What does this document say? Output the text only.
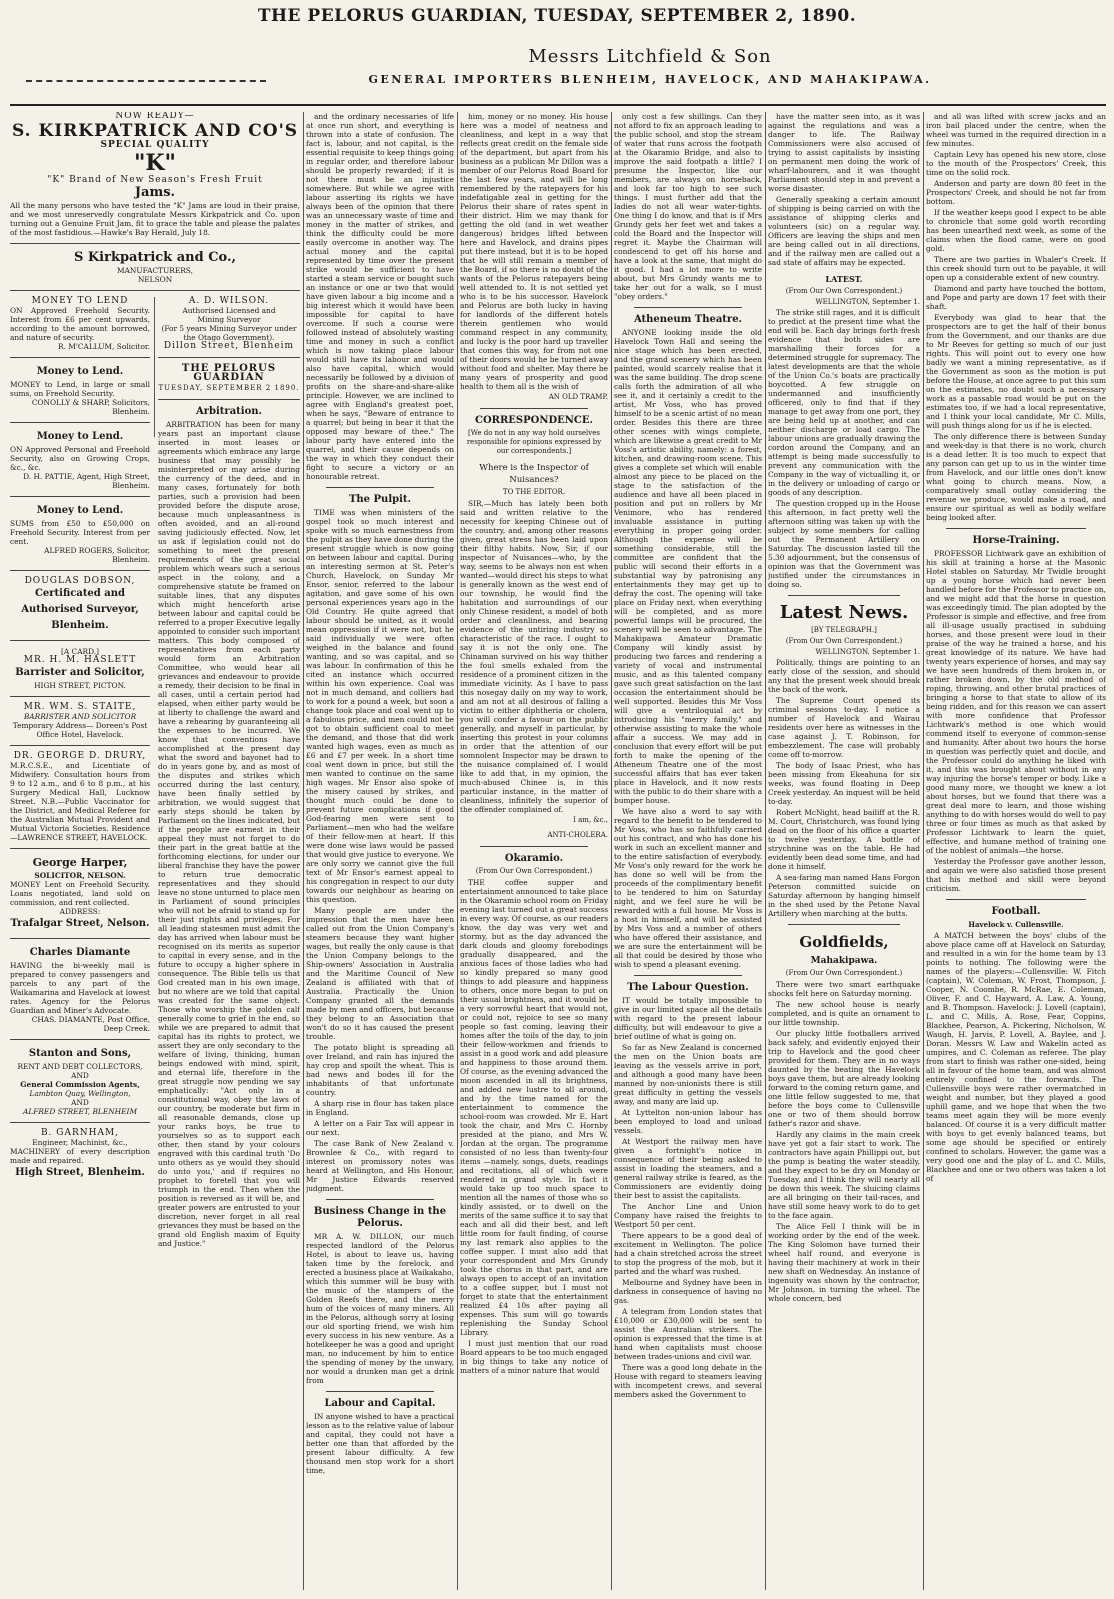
THE PELORUS GUARDIAN, TUESDAY, SEPTEMBER 2, 1890.
Messrs Litchfield & Son
GENERAL IMPORTERS BLENHEIM, HAVELOCK, AND MAHAKIPAWA.
NOW READY—
S. KIRKPATRICK AND CO'S
SPECIAL QUALITY
"K"
"K" Brand of New Season's Fresh Fruit
Jams.
All the many persons who have tested the "K" Jams are loud in their praise, and we most unreservedly congratulate Messrs Kirkpatrick and Co. upon turning out a Genuine Fruit Jam, fit to grace the table and please the palates of the most fastidious.—Hawke's Bay Herald, July 18.
S Kirkpatrick and Co.,
MANUFACTURERS,
NELSON
MONEY TO LEND
ON Approved Freehold Security. Interest from £6 per cent upwards, according to the amount borrowed, and nature of security.
R. M'CALLUM, Solicitor.
Money to Lend.
MONEY to Lend, in large or small sums, on Freehold Security.
CONOLLY & SHARP, Solicitors, Blenheim.
Money to Lend.
ON Approved Personal and Freehold Security, also on Growing Crops, &c., &c.
D. H. PATTIE, Agent, High Street, Blenheim.
Money to Lend.
SUMS from £50 to £50,000 on Freehold Security. Interest from per cent.
ALFRED ROGERS, Solicitor, Blenheim.
DOUGLAS DOBSON,
Certificated and Authorised Surveyor,
Blenheim.
[A CARD.]
MR. H. M. HASLETT
Barrister and Solicitor,
HIGH STREET, PICTON.
MR. WM. S. STAITE,
BARRISTER AND SOLICITOR
Temporary Address— Doreen's Post Office Hotel, Havelock.
DR. GEORGE D. DRURY,
M.R.C.S.E., and Licentiate of Midwifery. Consultation hours from 9 to 12 a.m., and 6 to 8 p.m., at his Surgery Medical Hall, Lucknow Street. N.B.—Public Vaccinator for the District, and Medical Referee for the Australian Mutual Provident and Mutual Victoria Societies. Residence—LAWRENCE STREET, HAVELOCK.
George Harper,
SOLICITOR, NELSON.
MONEY Lent on Freehold Security. Loans negotiated, land sold on commission, and rent collected.
ADDRESS:
Trafalgar Street, Nelson.
Charles Diamante
HAVING the bi-weekly mail is prepared to convey passengers and parcels to any part of the Waikamarina and Havelock at lowest rates. Agency for the Pelorus Guardian and Miner's Advocate.
CHAS. DIAMANTE, Post Office, Deep Creek.
Stanton and Sons,
RENT AND DEBT COLLECTORS,
AND
General Commission Agents,
Lambton Quay, Wellington,
AND
ALFRED STREET, BLENHEIM
B. GARNHAM,
Engineer, Machinist, &c.,
MACHINERY of every description made and repaired.
High Street, Blenheim.
A. D. WILSON.
Authorised Licensed and
Mining Surveyor
(For 5 years Mining Surveyor under the Otago Government).
Dillon Street, Blenheim
THE PELORUS GUARDIAN
TUESDAY, SEPTEMBER 2 1890.
Arbitration.

ARBITRATION has been for many years past an important clause inserted in most leases or agreements which embrace any large business that may possibly be misinterpreted or may arise during the currency of the deed, and in many cases, fortunately for both parties, such a provision had been provided before the dispute arose, because much unpleasantness is often avoided, and an all-round saving judiciously effected. Now, let us ask if legislation could not do something to meet the present requirements of the great social problem which wears such a serious aspect in the colony, and a comprehensive statute be framed on suitable lines, that any disputes which might henceforth arise between labour and capital could be referred to a proper Executive legally appointed to consider such important matters. This body composed of representatives from each party would form an Arbitration Committee, who would hear all grievances and endeavour to provide a remedy, their decision to be final in all cases, until a certain period had elapsed, when either party would be at liberty to challenge the award and have a rehearing by guaranteeing all the expenses to be incurred. We know that conventions have accomplished at the present day what the sword and bayonet had to do in years gone by, and as most of the disputes and strikes which occurred during the last century, have been finally settled by arbitration, we would suggest that early steps should be taken by Parliament on the lines indicated, but if the people are earnest in their appeal they must not forget to do their part in the great battle at the forthcoming elections, for under our liberal franchise they have the power to return true democratic representatives and they should leave no stone unturned to place men in Parliament of sound principles who will not be afraid to stand up for their just rights and privileges. For all leading statesmen must admit the day has arrived when labour must be recognised on its merits as superior to capital in every sense, and in the future to occupy a higher sphere in consequence. The Bible tells us that God created man in his own image, but no where are we told that capital was created for the same object. Those who worship the golden calf generally come to grief in the end, so while we are prepared to admit that capital has its rights to protect, we assert they are only secondary to the welfare of living, thinking, human beings endowed with mind, spirit, and eternal life, therefore in the great struggle now pending we say emphatically: "Act only in a constitutional way, obey the laws of our country, be moderate but firm in all reasonable demands, close up your ranks boys, be true to yourselves so as to support each other, then stand by your colours engraved with this cardinal truth 'Do unto others as ye would they should do unto you,' and if requires no prophet to foretell that you will triumph in the end. Then when the position is reversed as it will be, and greater powers are entrusted to your discretion, never forget in all real grievances they must be based on the grand old English maxim of Equity and Justice."

and the ordinary necessaries of life at once run short, and everything is thrown into a state of confusion. The fact is, labour, and not capital, is the essential requisite to keep things going in regular order, and therefore labour should be properly rewarded; if it is not there must be an injustice somewhere. But while we agree with labour asserting its rights we have always been of the opinion that there was an unnecessary waste of time and money in the matter of strikes, and think the difficulty could be more easily overcome in another way. The actual money and the capital represented by time over the present strike would be sufficient to have started a steam service or bought such an instance or one or two that would have given labour a big income and a big interest which it would have been impossible for capital to have overcome. If such a course were followed instead of absolutely wasting time and money in such a conflict which is now taking place labour would still have its labour and would also have capital, which would necessarily be followed by a division of profits on the share-and-share-alike principle. However, we are inclined to agree with England's greatest poet, when he says, "Beware of entrance to a quarrel; but being in bear it that the opposed may beware of thee." The labour party have entered into the quarrel, and their cause depends on the way in which they conduct their fight to secure a victory or an honourable retreat.

The Pulpit.

TIME was when ministers of the gospel took so much interest and spoke with so much earnestness from the pulpit as they have done during the present struggle which is now going on between labour and capital. During an interesting sermon at St. Peter's Church, Havelock, on Sunday Mr Ensor, senior, referred to the labour agitation, and gave some of his own personal experiences years ago in the Old Country. He quite agreed that labour should be united, as it would mean oppression if it were not, but he said individually we were often weighed in the balance and found wanting, and so was capital, and so was labour. In confirmation of this he cited an instance which occurred within his own experience. Coal was not in much demand, and colliers had to work for a pound a week, but soon a change took place and coal went up to a fabulous price, and men could not be got to obtain sufficient coal to meet the demand, and those that did work wanted high wages, even as much as £6 and £7 per week. In a short time coal went down in price, but still the men wanted to continue on the same high wages. Mr Ensor also spoke of the misery caused by strikes, and thought much could be done to prevent future complications if good God-fearing men were sent to Parliament—men who had the welfare of their fellow-men at heart. If this were done wise laws would be passed that would give justice to everyone. We are only sorry we cannot give the full text of Mr Ensor's earnest appeal to his congregation in respect to our duty towards our neighbour as bearing on this question.

Many people are under the impression that the men have been called out from the Union Company's steamers because they want higher wages, but really the only cause is that the Union Company belongs to the Ship-owners' Association in Australia and the Maritime Council of New Zealand is affiliated with that of Australia. Practically the Union Company granted all the demands made by men and officers, but because they belong to an Association that won't do so it has caused the present trouble.

The potato blight is spreading all over Ireland, and rain has injured the hay crop and spoilt the wheat. This is bad news and bodes ill for the inhabitants of that unfortunate country.

A sharp rise in flour has taken place in England.

A letter on a Fair Tax will appear in our next.

The case Bank of New Zealand v. Brownlee & Co., with regard to interest on promissory notes was heard at Wellington, and His Honour, Mr Justice Edwards reserved judgment.

Business Change in the Pelorus.

MR A. W. DILLON, our much respected landlord of the Pelorus Hotel, is about to leave us, having taken time by the forelock, and erected a business place at Waikakaho, which this summer will be busy with the music of the stampers of the Golden Reefs there, and the merry hum of the voices of many miners. All in the Pelorus, although sorry at losing our old sporting friend, we wish him every success in his new venture. As a hotelkeeper he was a good and upright man, no inducement by him to entice the spending of money by the unwary, nor would a drunken man get a drink from

Labour and Capital.

IN anyone wished to have a practical lesson as to the relative value of labour and capital, they could not have a better one than that afforded by the present labour difficulty. A few thousand men stop work for a short time,

him, money or no money. His house here was a model of neatness and cleanliness, and kept in a way that reflects great credit on the female side of the department, but apart from his business as a publican Mr Dillon was a member of our Pelorus Road Board for the last few years, and will be long remembered by the ratepayers for his indefatigable zeal in getting for the Pelorus their share of rates spent in their district. Him we may thank for getting the old (and in wet weather dangerous) bridges lifted between here and Havelock, and drains pipes put there instead, but it is to be hoped that he will still remain a member of the Board, if so there is no doubt of the wants of the Pelorus ratepayers being well attended to. It is not settled yet who is to be his successor. Havelock and Pelorus are both lucky in having for landlords of the different hotels therein gentlemen who would command respect in any community, and lucky is the poor hard up traveller that comes this way, for from not one of their doors would he be turned away without food and shelter. May there be many years of prosperity and good health to them all is the wish of

AN OLD TRAMP.
CORRESPONDENCE.
[We do not in any way hold ourselves responsible for opinions expressed by our correspondents.]
Where is the Inspector of Nuisances?
TO THE EDITOR.

SIR,—Much has lately been both said and written relative to the necessity for keeping Chinese out of the country, and, among other reasons given, great stress has been laid upon their filthy habits. Now, Sir, if our inspector of Nuisances—who, by the way, seems to be always non est when wanted—would direct his steps to what is generally known as the west end of our township, he would find the habitation and surroundings of our only Chinese resident, a model of both order and cleanliness, and bearing evidence of the untiring industry so characteristic of the race. I ought to say it is not the only one. The Chinaman survived on his way thither the foul smells exhaled from the residence of a prominent citizen in the immediate vicinity. As I have to pass this nosegay daily on my way to work, and am not at all desirous of falling a victim to either diphtheria or cholera, you will confer a favour on the public generally, and myself in particular, by inserting this protest in your columns in order that the attention of our somnolent Inspector may be drawn to the nuisance complained of. I would like to add that, in my opinion, the much-abused Chinee is, in this particular instance, in the matter of cleanliness, infinitely the superior of the offender complained of.

I am, &c.,
ANTI-CHOLERA.
Okaramio.
(From Our Own Correspondent.)

THE coffee supper and entertainment announced to take place in the Okaramio school room on Friday evening last turned out a great success in every way. Of course, as our readers know, the day was very wet and stormy, but as the day advanced the dark clouds and gloomy forebodings gradually disappeared, and the anxious faces of those ladies who had so kindly prepared so many good things to add pleasure and happiness to others, once more began to put on their usual brightness, and it would be a very sorrowful heart that would not, or could not, rejoice to see so many people so fast coming, leaving their homes after the toils of the day, to join their fellow-workmen and friends to assist in a good work and add pleasure and happiness to those around them. Of course, as the evening advanced the moon ascended in all its brightness, and added new lustre to all around, and by the time named for the entertainment to commence the school-room was crowded. Mr E. Hart took the chair, and Mrs C. Hornby presided at the piano, and Mrs W. Jordan at the organ. The programme consisted of no less than twenty-four items —namely, songs, duets, readings and recitations, all of which were rendered in grand style. In fact it would take up too much space to mention all the names of those who so kindly assisted, or to dwell on the merits of the same suffice it to say that each and all did their best, and left little room for fault finding, of course my last remark also applies to the coffee supper. I must also add that your correspondent and Mrs Grundy took the chorus in that part, and are always open to accept of an invitation to a coffee supper, but I must not forget to state that the entertainment realized £4 10s after paying all expenses. This sum will go towards replenishing the Sunday School Library.

I must just mention that our road Board appears to be too much engaged in big things to take any notice of matters of a minor nature that would

only cost a few shillings. Can they not afford to fix an approach leading to the public school, and stop the stream of water that runs across the footpath at the Okaramio Bridge, and also to improve the said footpath a little? I presume the Inspector, like our members, are always on horseback, and look far too high to see such things. I must further add that the ladies do not all wear water-tights. One thing I do know, and that is if Mrs Grundy gets her feet wet and takes a cold the Board and the Inspector will regret it. Maybe the Chairman will condescend to get off his horse and have a look at the same, that might do it good. I had a lot more to write about, but Mrs Grundy wants me to take her out for a walk, so I must "obey orders."

Atheneum Theatre.

ANYONE looking inside the old Havelock Town Hall and seeing the nice stage which has been erected, and the grand scenery which has been painted, would scarcely realise that it was the same building. The drop scene calls forth the admiration of all who see it, and it certainly a credit to the artist, Mr Voss, who has proved himself to be a scenic artist of no mean order. Besides this there are three other scenes with wings complete, which are likewise a great credit to Mr Voss's artistic ability, namely: a forest, kitchen, and drawing-room scene. This gives a complete set which will enable almost any piece to be placed on the stage to the satisfaction of the audience and have all been placed in position and put on rollers by Mr Venimore, who has rendered invaluable assistance in putting everything in proper going order. Although the expense will be something considerable, still the committee are confident that the public will second their efforts in a substantial way by patronising any entertainments they may get up to defray the cost. The opening will take place on Friday next, when everything will be completed, and as more powerful lamps will be procured, the scenery will be seen to advantage. The Mahakipawa Amateur Dramatic Company will kindly assist by producing two farces and rendering a variety of vocal and instrumental music, and as this talented company gave such great satisfaction on the last occasion the entertainment should be well supported. Besides this Mr Voss will give a ventriloquial act by introducing his "merry family," and otherwise assisting to make the whole affair a success. We may add in conclusion that every effort will be put forth to make the opening of the Atheneum Theatre one of the most successful affairs that has ever taken place in Havelock, and it now rests with the public to do their share with a bumper house.

We have also a word to say with regard to the benefit to be tendered to Mr Voss, who has so faithfully carried out his contract, and who has done his work in such an excellent manner and to the entire satisfaction of everybody. Mr Voss's only reward for the work he has done so well will be from the proceeds of the complimentary benefit to be tendered to him on Saturday night, and we feel sure he will be rewarded with a full house. Mr Voss is a host in himself, and will be assisted by Mrs Voss and a number of others who have offered their assistance, and we are sure the entertainment will be all that could be desired by those who wish to spend a pleasant evening.

The Labour Question.

IT would be totally impossible to give in our limited space all the details with regard to the present labour difficulty, but will endeavour to give a brief outline of what is going on.

So far as New Zealand is concerned the men on the Union boats are leaving as the vessels arrive in port, and although a good many have been manned by non-unionists there is still great difficulty in getting the vessels away, and many are laid up.

At Lyttelton non-union labour has been employed to load and unload vessels.

At Westport the railway men have given a fortnight's notice in consequence of their being asked to assist in loading the steamers, and a general railway strike is feared, as the Commissioners are evidently doing their best to assist the capitalists.

The Anchor Line and Union Company have raised the freights to Westport 50 per cent.

There appears to be a good deal of excitement in Wellington. The police had a chain stretched across the street to stop the progress of the mob, but it parted and the wharf was rushed.

Melbourne and Sydney have been in darkness in consequence of having no gas.

A telegram from London states that £10,000 or £30,000 will be sent to assist the Australian strikers. The opinion is expressed that the time is at hand when capitalists must choose between trades-unions and civil war.

There was a good long debate in the House with regard to steamers leaving with incompetent crews, and several members asked the Government to

have the matter seen into, as it was against the regulations and was a danger to life. The Railway Commissioners were also accused of trying to assist capitalists by insisting on permanent men doing the work of wharf-labourers, and it was thought Parliament should step in and prevent a worse disaster.

Generally speaking a certain amount of shipping is being carried on with the assistance of shipping clerks and volunteers (sic) on a regular way. Officers are leaving the ships and men are being called out in all directions, and if the railway men are called out a sad state of affairs may be expected.

LATEST.
(From Our Own Correspondent.)
WELLINGTON, September 1.

The strike still rages, and it is difficult to predict at the present time what the end will be. Each day brings forth fresh evidence that both sides are marshalling their forces for a determined struggle for supremacy. The latest developments are that the whole of the Union Co.'s boats are practically boycotted. A few struggle on undermanned and insufficiently officered, only to find that if they manage to get away from one port, they are being held up at another, and can neither discharge or load cargo. The labour unions are gradually drawing the cordon around the Company, and an attempt is being made successfully to prevent any communication with the Company in the way of victualling it, or in the delivery or unloading of cargo or goods of any description.

The question cropped up in the House this afternoon, in fact pretty well the afternoon sitting was taken up with the subject by some members for calling out the Permanent Artillery on Saturday. The discussion lasted till the 5.30 adjournment, but the consensus of opinion was that the Government was justified under the circumstances in doing so.

Latest News.
[BY TELEGRAPH.]
(From Our Own Correspondent.)
WELLINGTON, September 1.

Politically, things are pointing to an early close of the session, and should any that the present week should break the back of the work.

The Supreme Court opened its criminal sessions to-day. I notice a number of Havelock and Wairau residents over here as witnesses in the case against J. T. Robinson, for embezzlement. The case will probably come off to-morrow.

The body of Isaac Priest, who has been missing from Ekeahuna for six weeks, was found floating in Deep Creek yesterday. An inquest will be held to-day.

Robert McNight, head bailiff at the R. M. Court, Christchurch, was found lying dead on the floor of his office a quarter to twelve yesterday. A bottle of strychnine was on the table. He had evidently been dead some time, and had done it himself.

A sea-faring man named Hans Forgon Peterson committed suicide on Saturday afternoon by hanging himself in the shed used by the Petone Naval Artillery when marching at the butts.

Goldfields,
Mahakipawa.
(From Our Own Correspondent.)

There were two smart earthquake shocks felt here on Saturday morning.

The new school house is nearly completed, and is quite an ornament to our little township.

Our plucky little footballers arrived back safely, and evidently enjoyed their trip to Havelock and the good cheer provided for them. They are in no ways daunted by the beating the Havelock boys gave them, but are already looking forward to the coming return game, and one little fellow suggested to me, that before the boys come to Cullensville one or two of them should borrow father's razor and shave.

Hardly any claims in the main creek have yet got a fair start to work. The contractors have again Phillippi out, but the pump is beating the water steadily, and they expect to be dry on Monday or Tuesday, and I think they will nearly all be down this week. The sluicing claims are all bringing on their tail-races, and have still some heavy work to do to get to the face again.

The Alice Fell I think will be in working order by the end of the week. The King Solomon have turned their wheel half round, and everyone is having their machinery at work in their new shaft on Wednesday. An instance of ingenuity was shown by the contractor, Mr Johnson, in turning the wheel. The whole concern, bed

and all was lifted with screw jacks and an iron bail placed under the centre, when the wheel was turned in the required direction in a few minutes.

Captain Levy has opened his new store, close to the mouth of the Prospectors' Creek, this time on the solid rock.

Anderson and party are down 80 feet in the Prospectors' Creek, and should be not far from bottom.

If the weather keeps good I expect to be able to chronicle that some gold worth recording has been unearthed next week, as some of the claims when the flood came, were on good gold.

There are two parties in Whaler's Creek. If this creek should turn out to be payable, it will open up a considerable extent of new country.

Diamond and party have touched the bottom, and Pope and party are down 17 feet with their shaft.

Everybody was glad to hear that the prospectors are to get the half of their bonus from the Government, and our thanks are due to Mr Reeves for getting so much of our just rights. This will point out to every one how badly we want a mining representative, as if the Government as soon as the motion is put before the House, at once agree to put this sum on the estimates, no doubt such a necessary work as a passable road would be put on the estimates too, if we had a local representative, and I think your local candidate, Mr C. Mills, will push things along for us if he is elected.

The only difference there is between Sunday and week-day is that there is no work, church is a dead letter. It is too much to expect that any parson can get up to us in the winter time from Havelock, and our little ones don't know what going to church means. Now, a comparatively small outlay considering the revenue we produce, would make a road, and ensure our spiritual as well as bodily welfare being looked after.

Horse-Training.

PROFESSOR Lichtwark gave an exhibition of his skill at training a horse at the Masonic Hotel stables on Saturday. Mr Twidle brought up a young horse which had never been handled before for the Professor to practice on, and we might add that the horse in question was exceedingly timid. The plan adopted by the Professor is simple and effective, and free from all ill-usage usually practised in subduing horses, and those present were loud in their praise of the way he trained a horse, and his great knowledge of its nature. We have had twenty years experience of horses, and may say we have seen hundreds of them broken in, or rather broken down, by the old method of roping, throwing, and other brutal practices of bringing a horse to that state to allow of its being ridden, and for this reason we can assert with more confidence that Professor Lichtwark's method is one which would commend itself to everyone of common-sense and humanity. After about two hours the horse in question was perfectly quiet and docile, and the Professor could do anything he liked with it, and this was brought about without in any way injuring the horse's temper or body. Like a good many more, we thought we knew a lot about horses, but we found that there was a great deal more to learn, and those wishing anything to do with horses would do well to pay three or four times as much as that asked by Professor Lichtwark to learn the quiet, effective, and humane method of training one of the noblest of animals—the horse.

Yesterday the Professor gave another lesson, and again we were also satisfied those present that his method and skill were beyond criticism.

Football.
Havelock v. Cullensville.

A MATCH between the boys' clubs of the above place came off at Havelock on Saturday, and resulted in a win for the home team by 13 points to nothing. The following were the names of the players:—Cullensville: W. Fitch (captain), W. Coleman, W. Frost, Thompson, J. Cooper, N. Coombe, R. McRae, E. Coleman, Oliver, F. and C. Hayward, A. Law, A. Young, and B. Thompson. Havelock: J. Lovell (captain), L. and C. Mills, A. Rose, Fear, Coppins, Blackhee, Pearson, A. Pickering, Nicholson, W. Waugh, H. Jarvis, P. Lovell, A. Baylee, and J. Doran. Messrs W. Law and Wakelin acted as umpires, and C. Coleman as referee. The play from start to finish was rather one-sided, being all in favour of the home team, and was almost entirely confined to the forwards. The Cullensville boys were rather overmatched in weight and number, but they played a good uphill game, and we hope that when the two teams meet again they will be more evenly balanced. Of course it is a very difficult matter with boys to get evenly balanced teams, but some age should be specified or entirely confined to scholars. However, the game was a very good one and the play of L. and C. Mills, Blackhee and one or two others was taken a lot of
